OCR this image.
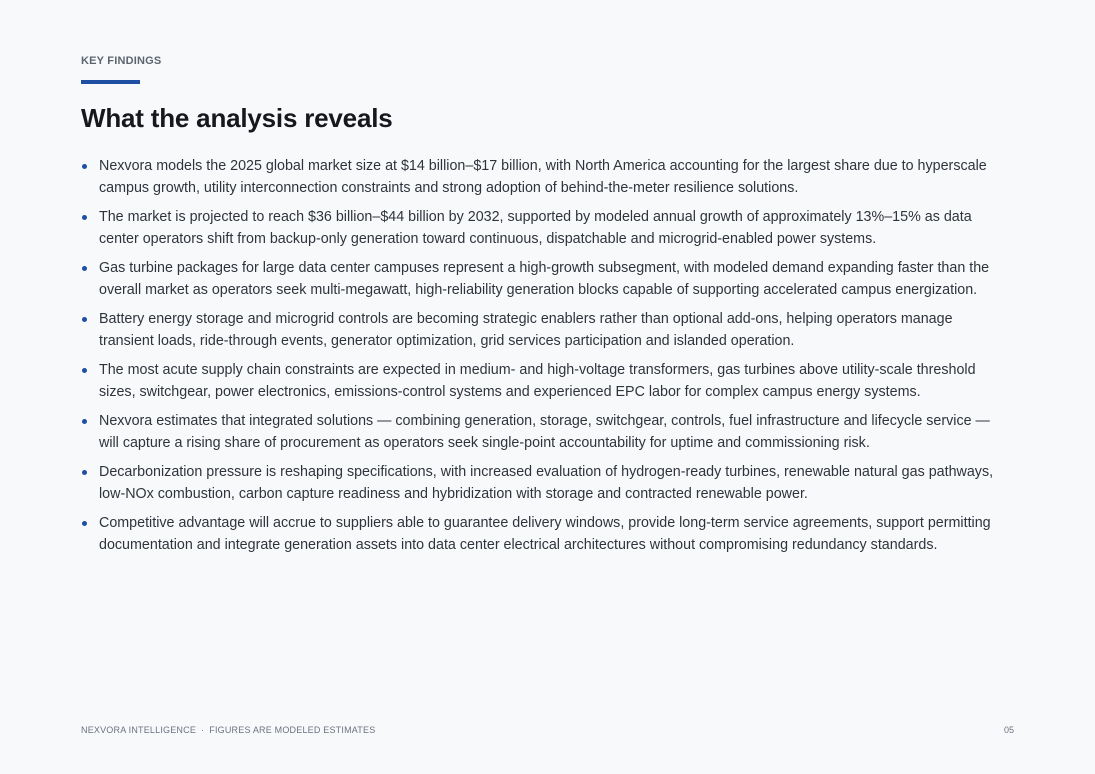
KEY FINDINGS
What the analysis reveals
Nexvora models the 2025 global market size at $14 billion–$17 billion, with North America accounting for the largest share due to hyperscale campus growth, utility interconnection constraints and strong adoption of behind-the-meter resilience solutions.
The market is projected to reach $36 billion–$44 billion by 2032, supported by modeled annual growth of approximately 13%–15% as data center operators shift from backup-only generation toward continuous, dispatchable and microgrid-enabled power systems.
Gas turbine packages for large data center campuses represent a high-growth subsegment, with modeled demand expanding faster than the overall market as operators seek multi-megawatt, high-reliability generation blocks capable of supporting accelerated campus energization.
Battery energy storage and microgrid controls are becoming strategic enablers rather than optional add-ons, helping operators manage transient loads, ride-through events, generator optimization, grid services participation and islanded operation.
The most acute supply chain constraints are expected in medium- and high-voltage transformers, gas turbines above utility-scale threshold sizes, switchgear, power electronics, emissions-control systems and experienced EPC labor for complex campus energy systems.
Nexvora estimates that integrated solutions — combining generation, storage, switchgear, controls, fuel infrastructure and lifecycle service — will capture a rising share of procurement as operators seek single-point accountability for uptime and commissioning risk.
Decarbonization pressure is reshaping specifications, with increased evaluation of hydrogen-ready turbines, renewable natural gas pathways, low-NOx combustion, carbon capture readiness and hybridization with storage and contracted renewable power.
Competitive advantage will accrue to suppliers able to guarantee delivery windows, provide long-term service agreements, support permitting documentation and integrate generation assets into data center electrical architectures without compromising redundancy standards.
NEXVORA INTELLIGENCE · FIGURES ARE MODELED ESTIMATES	05
